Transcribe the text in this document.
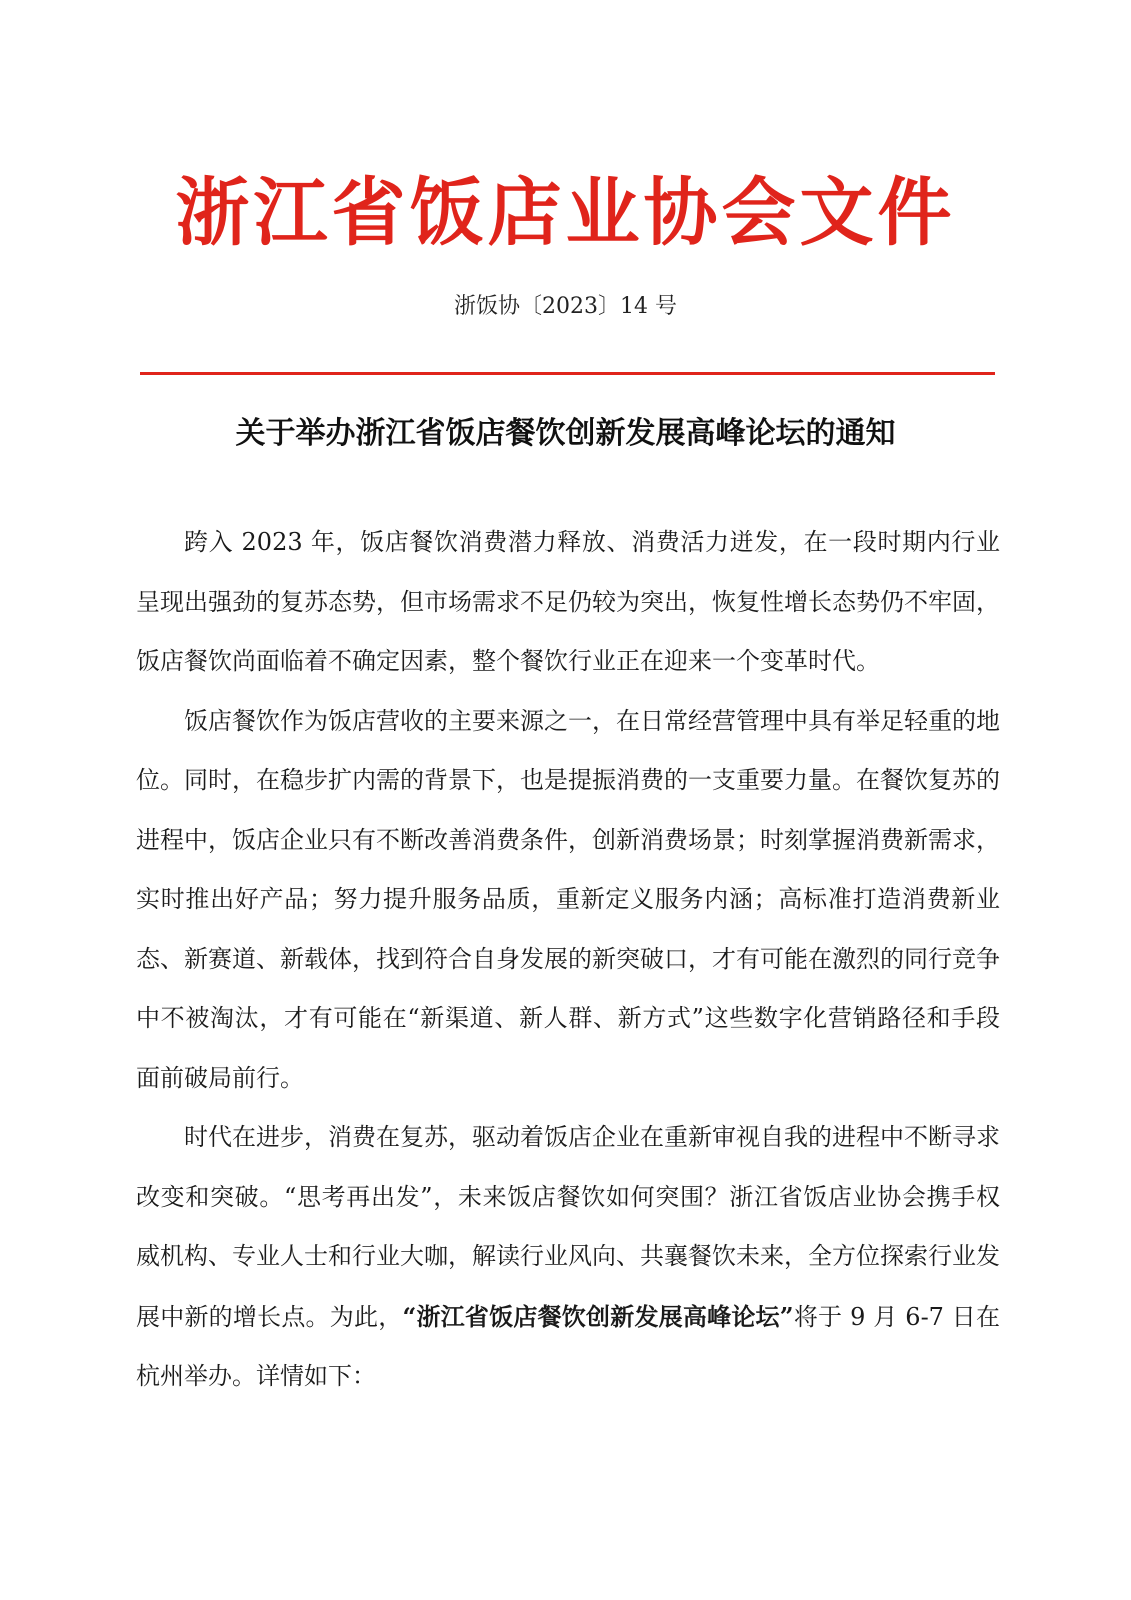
浙江省饭店业协会文件
浙饭协〔2023〕14 号
关于举办浙江省饭店餐饮创新发展高峰论坛的通知

跨入 2023 年，饭店餐饮消费潜力释放、消费活力迸发，在一段时期内行业呈现出强劲的复苏态势，但市场需求不足仍较为突出，恢复性增长态势仍不牢固，饭店餐饮尚面临着不确定因素，整个餐饮行业正在迎来一个变革时代。

饭店餐饮作为饭店营收的主要来源之一，在日常经营管理中具有举足轻重的地位。同时，在稳步扩内需的背景下，也是提振消费的一支重要力量。在餐饮复苏的进程中，饭店企业只有不断改善消费条件，创新消费场景；时刻掌握消费新需求，实时推出好产品；努力提升服务品质，重新定义服务内涵；高标准打造消费新业态、新赛道、新载体，找到符合自身发展的新突破口，才有可能在激烈的同行竞争中不被淘汰，才有可能在“新渠道、新人群、新方式”这些数字化营销路径和手段面前破局前行。

时代在进步，消费在复苏，驱动着饭店企业在重新审视自我的进程中不断寻求改变和突破。“思考再出发”，未来饭店餐饮如何突围？浙江省饭店业协会携手权威机构、专业人士和行业大咖，解读行业风向、共襄餐饮未来，全方位探索行业发展中新的增长点。为此，“浙江省饭店餐饮创新发展高峰论坛”将于 9 月 6-7 日在杭州举办。详情如下：
